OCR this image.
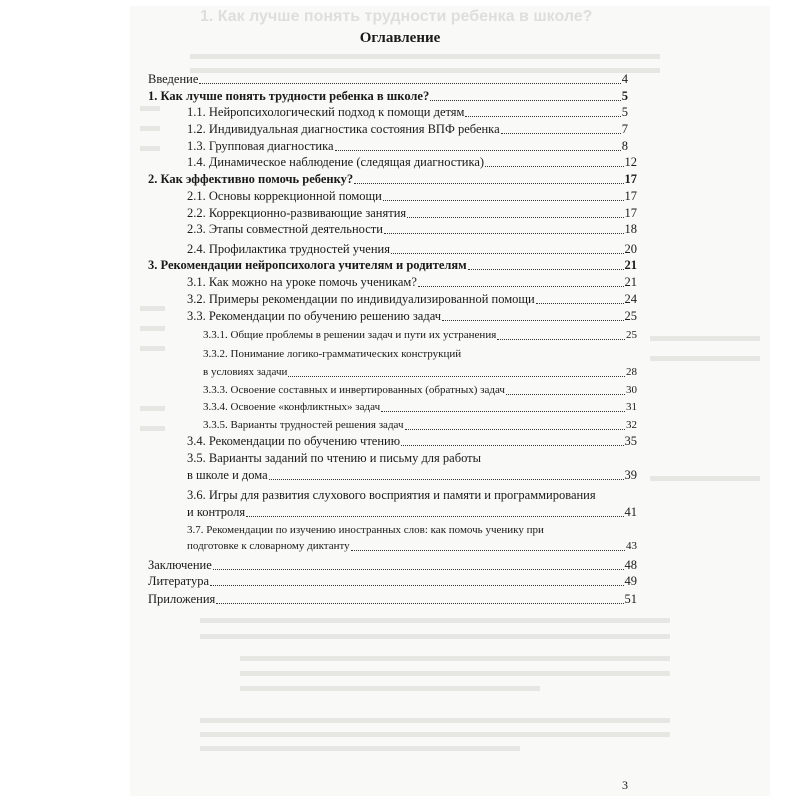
1. Как лучше понять трудности ребенка в школе?
Оглавление
Введение	4
1. Как лучше понять трудности ребенка в школе?	5
1.1. Нейропсихологический подход к помощи детям	5
1.2. Индивидуальная диагностика состояния ВПФ ребенка	7
1.3. Групповая диагностика	8
1.4. Динамическое наблюдение (следящая диагностика)	12
2. Как эффективно помочь ребенку?	17
2.1. Основы коррекционной помощи	17
2.2. Коррекционно-развивающие занятия	17
2.3. Этапы совместной деятельности	18
2.4. Профилактика трудностей учения	20
3. Рекомендации нейропсихолога учителям и родителям	21
3.1. Как можно на уроке помочь ученикам?	21
3.2. Примеры рекомендации по индивидуализированной помощи	24
3.3. Рекомендации по обучению решению задач	25
3.3.1. Общие проблемы в решении задач и пути их устранения	25
3.3.2. Понимание логико-грамматических конструкций
в условиях задачи	28
3.3.3. Освоение составных и инвертированных (обратных) задач	30
3.3.4. Освоение «конфликтных» задач	31
3.3.5. Варианты трудностей решения задач	32
3.4. Рекомендации по обучению чтению	35
3.5. Варианты заданий по чтению и письму для работы
в школе и дома	39
3.6. Игры для развития слухового восприятия и памяти и программирования
и контроля	41
3.7. Рекомендации по изучению иностранных слов: как помочь ученику при
подготовке к словарному диктанту	43
Заключение	48
Литература	49
Приложения	51
3
